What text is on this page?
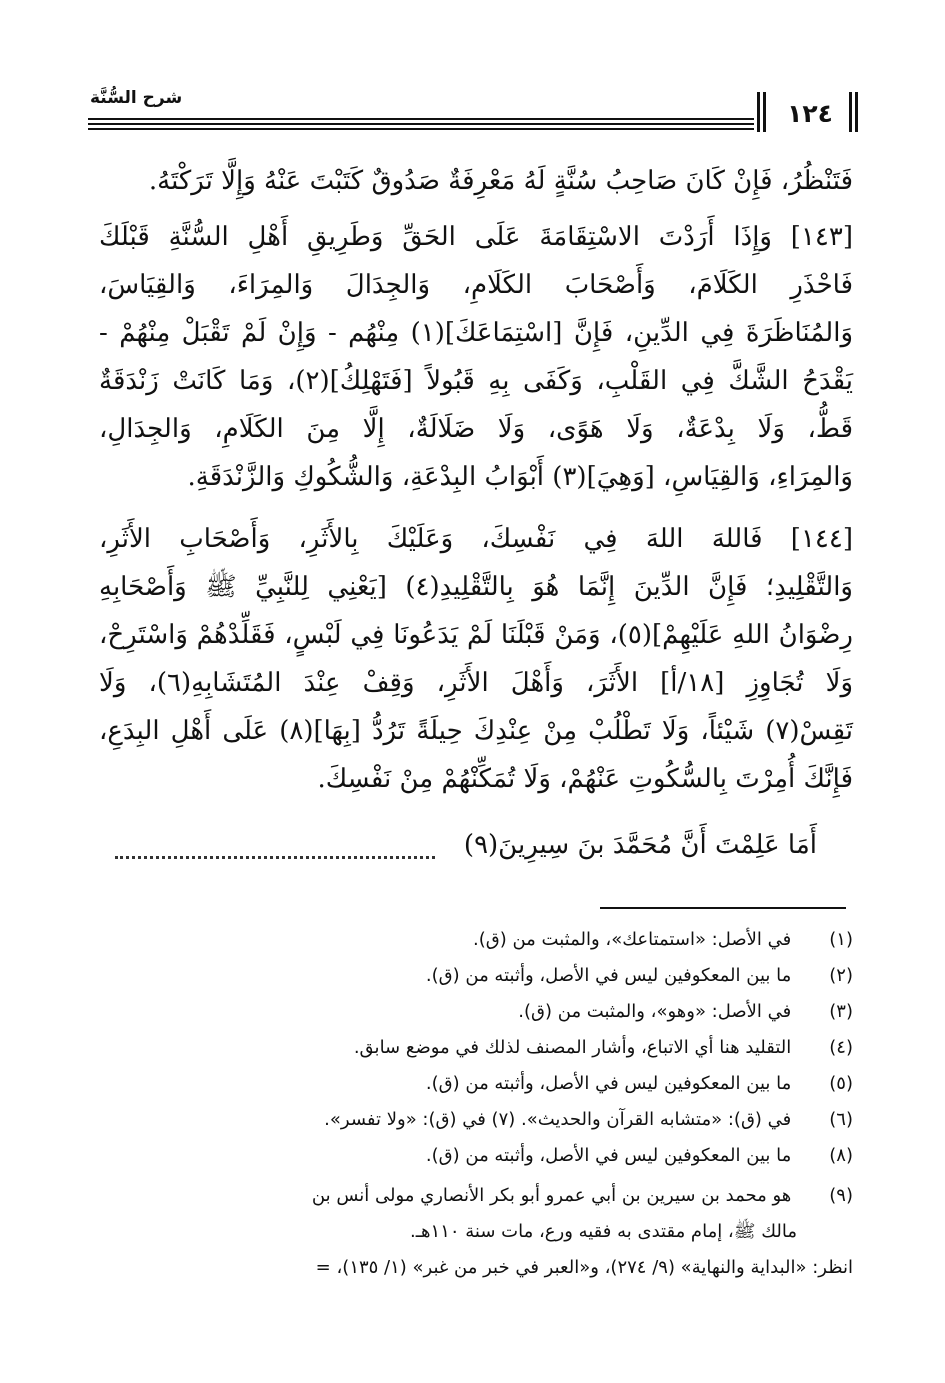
شرح السُّنَّة
١٢٤
فَتَنْظُرُ، فَإِنْ كَانَ صَاحِبُ سُنَّةٍ لَهُ مَعْرِفَةٌ صَدُوقٌ كَتَبْتَ عَنْهُ وَإِلَّا تَرَكْتَهُ.
[١٤٣] وَإِذَا أَرَدْتَ الاسْتِقَامَةَ عَلَى الحَقِّ وَطَرِيقِ أَهْلِ السُّنَّةِ قَبْلَكَ
فَاحْذَرِ الكَلَامَ، وَأَصْحَابَ الكَلَامِ، وَالجِدَالَ وَالمِرَاءَ، وَالقِيَاسَ،
وَالمُنَاظَرَةَ فِي الدِّينِ، فَإِنَّ [اسْتِمَاعَكَ](١) مِنْهُم - وَإِنْ لَمْ تَقْبَلْ مِنْهُمْ -
يَقْدَحُ الشَّكَّ فِي القَلْبِ، وَكَفَى بِهِ قَبُولاً [فَتَهْلِكُ](٢)، وَمَا كَانَتْ زَنْدَقَةٌ
قَطُّ، وَلَا بِدْعَةٌ، وَلَا هَوًى، وَلَا ضَلَالَةٌ، إِلَّا مِنَ الكَلَامِ، وَالجِدَالِ،
وَالمِرَاءِ، وَالقِيَاسِ، [وَهِيَ](٣) أَبْوَابُ البِدْعَةِ، وَالشُّكُوكِ وَالزَّنْدَقَةِ.
[١٤٤] فَاللهَ اللهَ فِي نَفْسِكَ، وَعَلَيْكَ بِالأَثَرِ، وَأَصْحَابِ الأَثَرِ،
وَالتَّقْلِيدِ؛ فَإِنَّ الدِّينَ إِنَّمَا هُوَ بِالتَّقْلِيدِ(٤) [يَعْنِي لِلنَّبِيِّ ﷺ وَأَصْحَابِهِ
رِضْوَانُ اللهِ عَلَيْهِمْ](٥)، وَمَنْ قَبْلَنَا لَمْ يَدَعُونَا فِي لَبْسٍ، فَقَلِّدْهُمْ وَاسْتَرِحْ،
وَلَا تُجَاوِزِ [١٨/أ] الأَثَرَ، وَأَهْلَ الأَثَرِ، وَقِفْ عِنْدَ المُتَشَابِهِ(٦)، وَلَا
تَقِسْ(٧) شَيْئاً، وَلَا تَطْلُبْ مِنْ عِنْدِكَ حِيلَةً تَرُدُّ [بِهَا](٨) عَلَى أَهْلِ البِدَعِ،
فَإِنَّكَ أُمِرْتَ بِالسُّكُوتِ عَنْهُمْ، وَلَا تُمَكِّنْهُمْ مِنْ نَفْسِكَ.
أَمَا عَلِمْتَ أَنَّ مُحَمَّدَ بنَ سِيرِينَ(٩)
(١) في الأصل: «استمتاعك»، والمثبت من (ق).
(٢) ما بين المعكوفين ليس في الأصل، وأثبته من (ق).
(٣) في الأصل: «وهو»، والمثبت من (ق).
(٤) التقليد هنا أي الاتباع، وأشار المصنف لذلك في موضع سابق.
(٥) ما بين المعكوفين ليس في الأصل، وأثبته من (ق).
(٦) في (ق): «متشابه القرآن والحديث». (٧) في (ق): «ولا تفسر».
(٨) ما بين المعكوفين ليس في الأصل، وأثبته من (ق).
(٩) هو محمد بن سيرين بن أبي عمرو أبو بكر الأنصاري مولى أنس بن
مالك ﷺ، إمام مقتدى به فقيه ورع، مات سنة ١١٠هـ.
انظر: «البداية والنهاية» (٩/ ٢٧٤)، و«العبر في خبر من غبر» (١/ ١٣٥)، =
